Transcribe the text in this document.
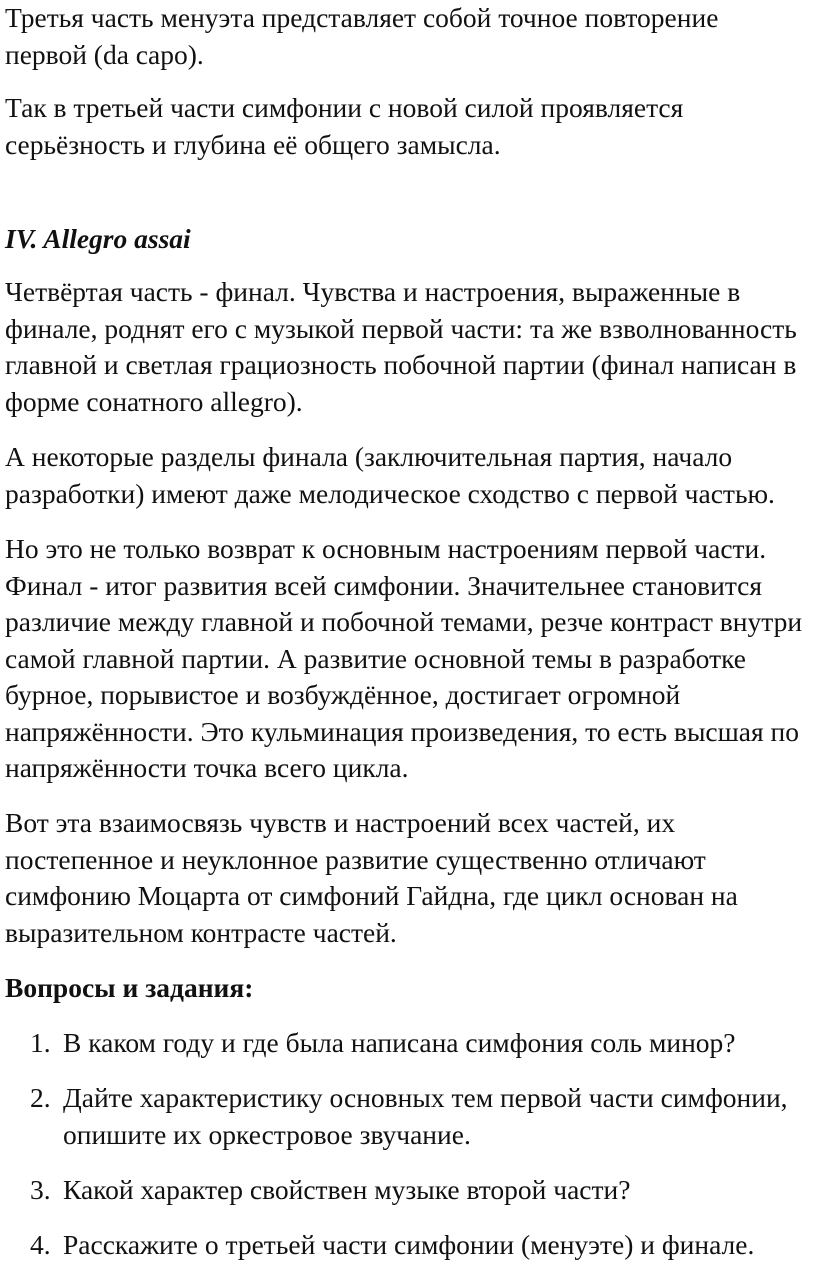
Третья часть менуэта представляет собой точное повторение первой (da capo).

Так в третьей части симфонии с новой силой проявляется серьёзность и глубина её общего замысла.

IV. Allegro assai

Четвёртая часть - финал. Чувства и настроения, выраженные в финале, роднят его с музыкой первой части: та же взволнованность главной и светлая грациозность побочной партии (финал написан в форме сонатного allegro).

А некоторые разделы финала (заключительная партия, начало разработки) имеют даже мелодическое сходство с первой частью.

Но это не только возврат к основным настроениям первой части. Финал - итог развития всей симфонии. Значительнее становится различие между главной и побочной темами, резче контраст внутри самой главной партии. А развитие основной темы в разработке бурное, порывистое и возбуждённое, достигает огромной напряжённости. Это кульминация произведения, то есть высшая по напряжённости точка всего цикла.

Вот эта взаимосвязь чувств и настроений всех частей, их постепенное и неуклонное развитие существенно отличают симфонию Моцарта от симфоний Гайдна, где цикл основан на выразительном контрасте частей.

Вопросы и задания:
1. В каком году и где была написана симфония соль минор?
2. Дайте характеристику основных тем первой части симфонии, опишите их оркестровое звучание.
3. Какой характер свойствен музыке второй части?
4. Расскажите о третьей части симфонии (менуэте) и финале.
